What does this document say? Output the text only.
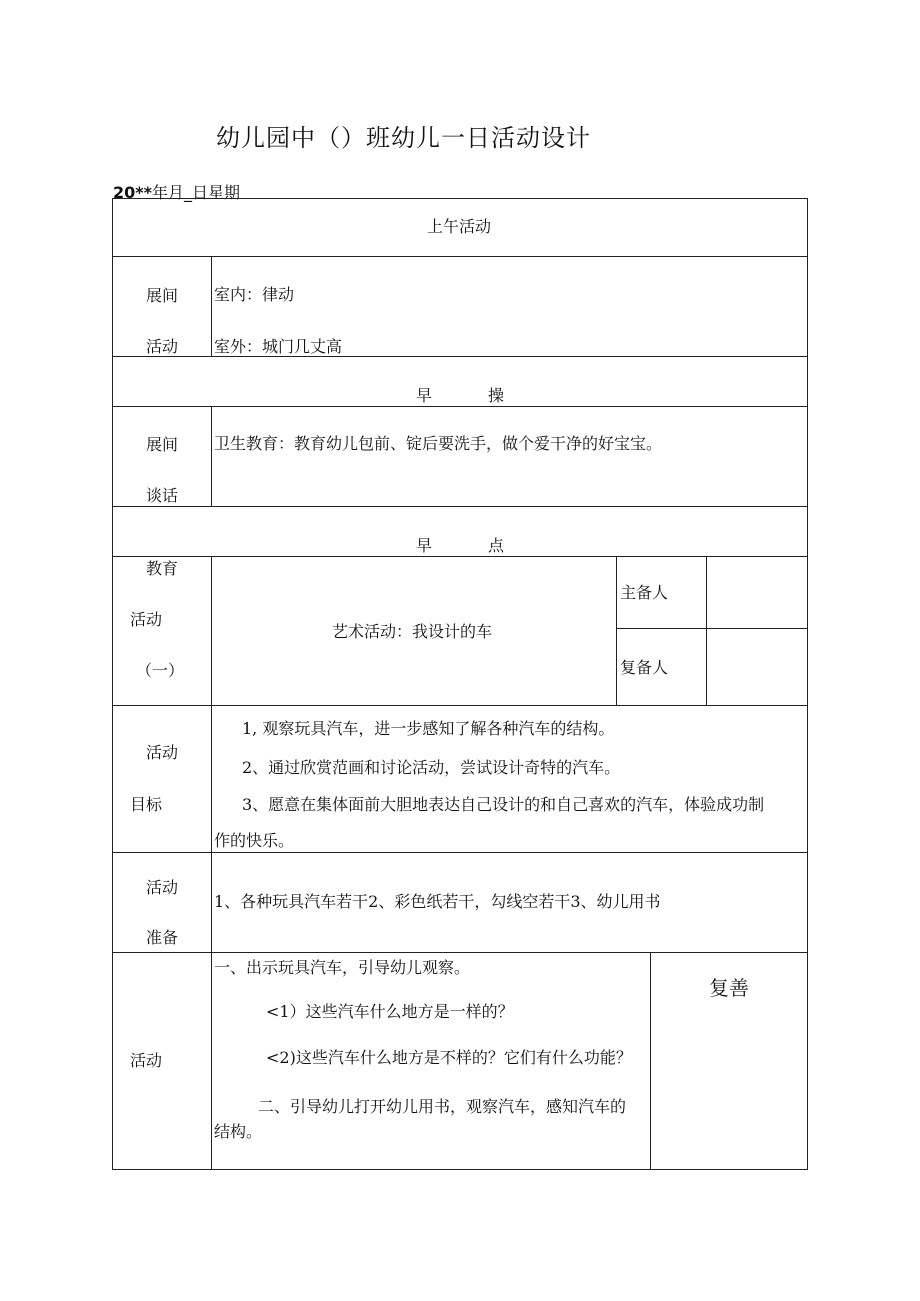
幼儿园中（）班幼儿一日活动设计
20**年月_日星期
上午活动
展间
活动
室内：律动
室外：城门几丈高
早	操
展间
谈话
卫生教育：教育幼儿包前、锭后要洗手，做个爱干净的好宝宝。
早	点
教育
活动
（一）
艺术活动：我设计的车
主备人
复备人
活动
目标
1, 观察玩具汽车，进一步感知了解各种汽车的结构。
2、通过欣赏范画和讨论活动，尝试设计奇特的汽车。
3、愿意在集体面前大胆地表达自己设计的和自己喜欢的汽车，体验成功制
作的快乐。
活动
准备
1、各种玩具汽车若干2、彩色纸若干，勾线空若干3、幼儿用书
活动
一、出示玩具汽车，引导幼儿观察。
<1）这些汽车什么地方是一样的？
<2)这些汽车什么地方是不样的？它们有什么功能？
二、引导幼儿打开幼儿用书，观察汽车，感知汽车的
结构。
复善
